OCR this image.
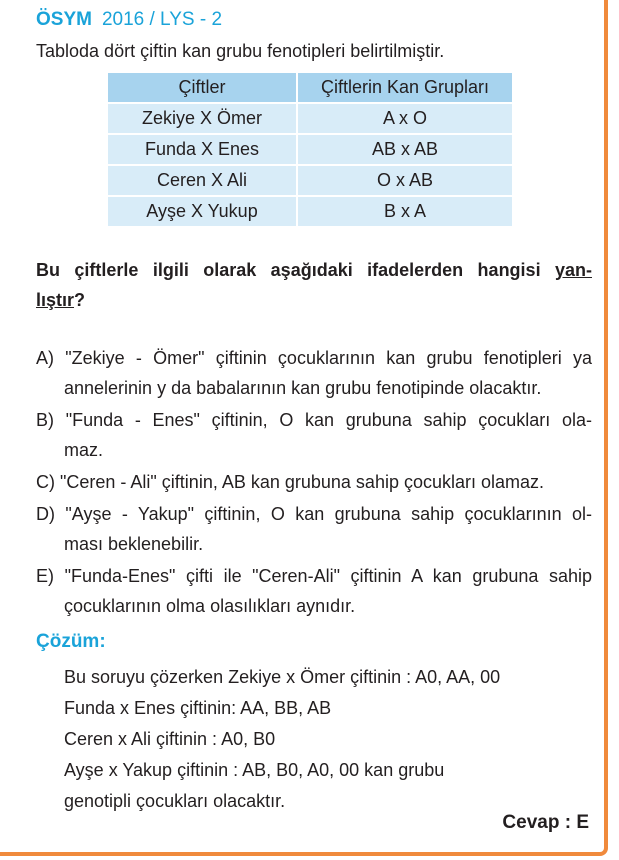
ÖSYM 2016 / LYS - 2
Tabloda dört çiftin kan grubu fenotipleri belirtilmiştir.
Çiftler	Çiftlerin Kan Grupları
Zekiye X Ömer	A x O
Funda X Enes	AB x AB
Ceren X Ali	O x AB
Ayşe X Yukup	B x A
Bu çiftlerle ilgili olarak aşağıdaki ifadelerden hangisi yan-
lıştır?
A) "Zekiye - Ömer" çiftinin çocuklarının kan grubu fenotipleri ya
annelerinin y da babalarının kan grubu fenotipinde olacaktır.
B) "Funda - Enes" çiftinin, O kan grubuna sahip çocukları ola-
maz.
C) "Ceren - Ali" çiftinin, AB kan grubuna sahip çocukları olamaz.
D) "Ayşe - Yakup" çiftinin, O kan grubuna sahip çocuklarının ol-
ması beklenebilir.
E) "Funda-Enes" çifti ile "Ceren-Ali" çiftinin A kan grubuna sahip
çocuklarının olma olasılıkları aynıdır.
Çözüm:
Bu soruyu çözerken Zekiye x Ömer çiftinin : A0, AA, 00
Funda x Enes çiftinin: AA, BB, AB
Ceren x Ali çiftinin : A0, B0
Ayşe x Yakup çiftinin : AB, B0, A0, 00 kan grubu
genotipli çocukları olacaktır.
Cevap : E
